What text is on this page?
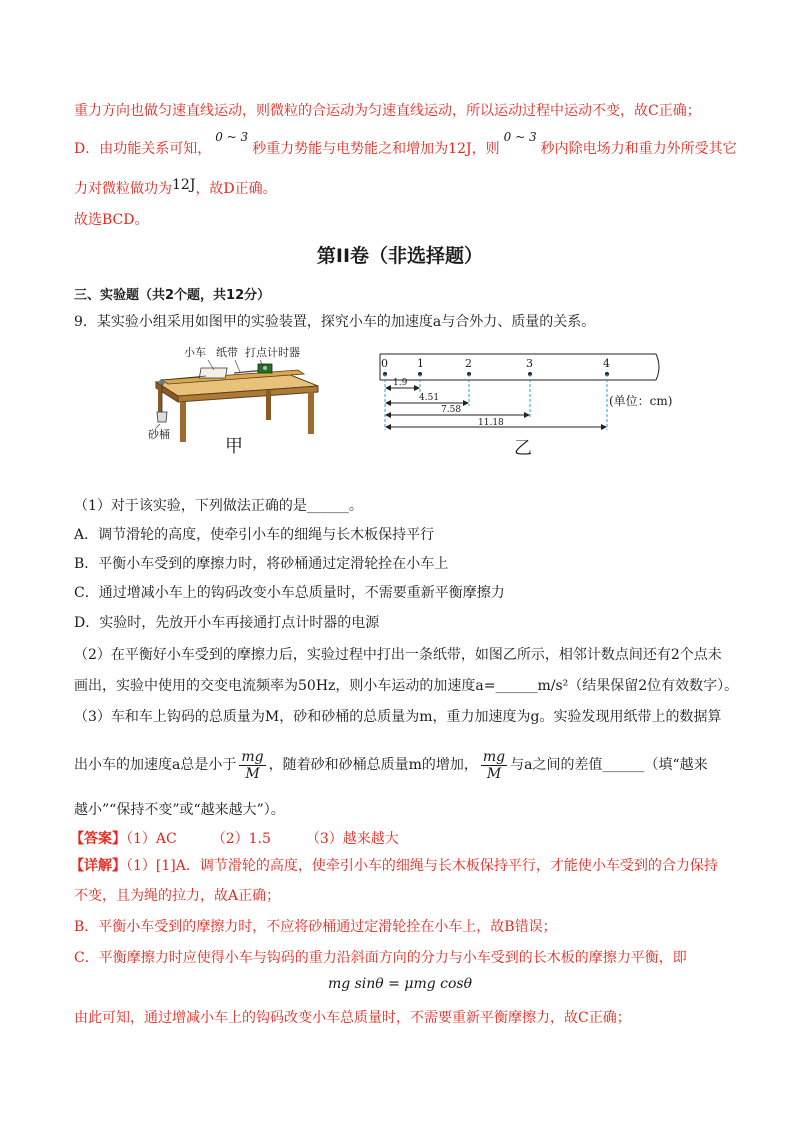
重力方向也做匀速直线运动，则微粒的合运动为匀速直线运动，所以运动过程中运动不变，故C正确；
D．由功能关系可知，0 ~ 3秒重力势能与电势能之和增加为12J，则0 ~ 3秒内除电场力和重力外所受其它
力对微粒做功为12J，故D正确。
故选BCD。
第II卷（非选择题）
三、实验题（共2个题，共12分）
9．某实验小组采用如图甲的实验装置，探究小车的加速度a与合外力、质量的关系。
小车 纸带 打点计时器
砂桶
甲
0	1	2	3	4
1.9
4.51
7.58
11.18
(单位：cm)
乙
（1）对于该实验，下列做法正确的是______。
A．调节滑轮的高度，使牵引小车的细绳与长木板保持平行
B．平衡小车受到的摩擦力时，将砂桶通过定滑轮拴在小车上
C．通过增减小车上的钩码改变小车总质量时，不需要重新平衡摩擦力
D．实验时，先放开小车再接通打点计时器的电源
（2）在平衡好小车受到的摩擦力后，实验过程中打出一条纸带，如图乙所示，相邻计数点间还有2个点未
画出，实验中使用的交变电流频率为50Hz，则小车运动的加速度a=______m/s²（结果保留2位有效数字）。
（3）车和车上钩码的总质量为M，砂和砂桶的总质量为m，重力加速度为g。实验发现用纸带上的数据算
出小车的加速度a总是小于 $\frac{mg}{M}$ ，随着砂和砂桶总质量m的增加， $\frac{mg}{M}$ 与a之间的差值______（填“越来
越小”“保持不变”或“越来越大”）。
【答案】（1）AC　　　（2）1.5　　　（3）越来越大
【详解】（1）[1]A．调节滑轮的高度，使牵引小车的细绳与长木板保持平行，才能使小车受到的合力保持
不变，且为绳的拉力，故A正确；
B．平衡小车受到的摩擦力时，不应将砂桶通过定滑轮拴在小车上，故B错误；
C．平衡摩擦力时应使得小车与钩码的重力沿斜面方向的分力与小车受到的长木板的摩擦力平衡，即
mg sinθ = μmg cosθ
由此可知，通过增减小车上的钩码改变小车总质量时，不需要重新平衡摩擦力，故C正确；
